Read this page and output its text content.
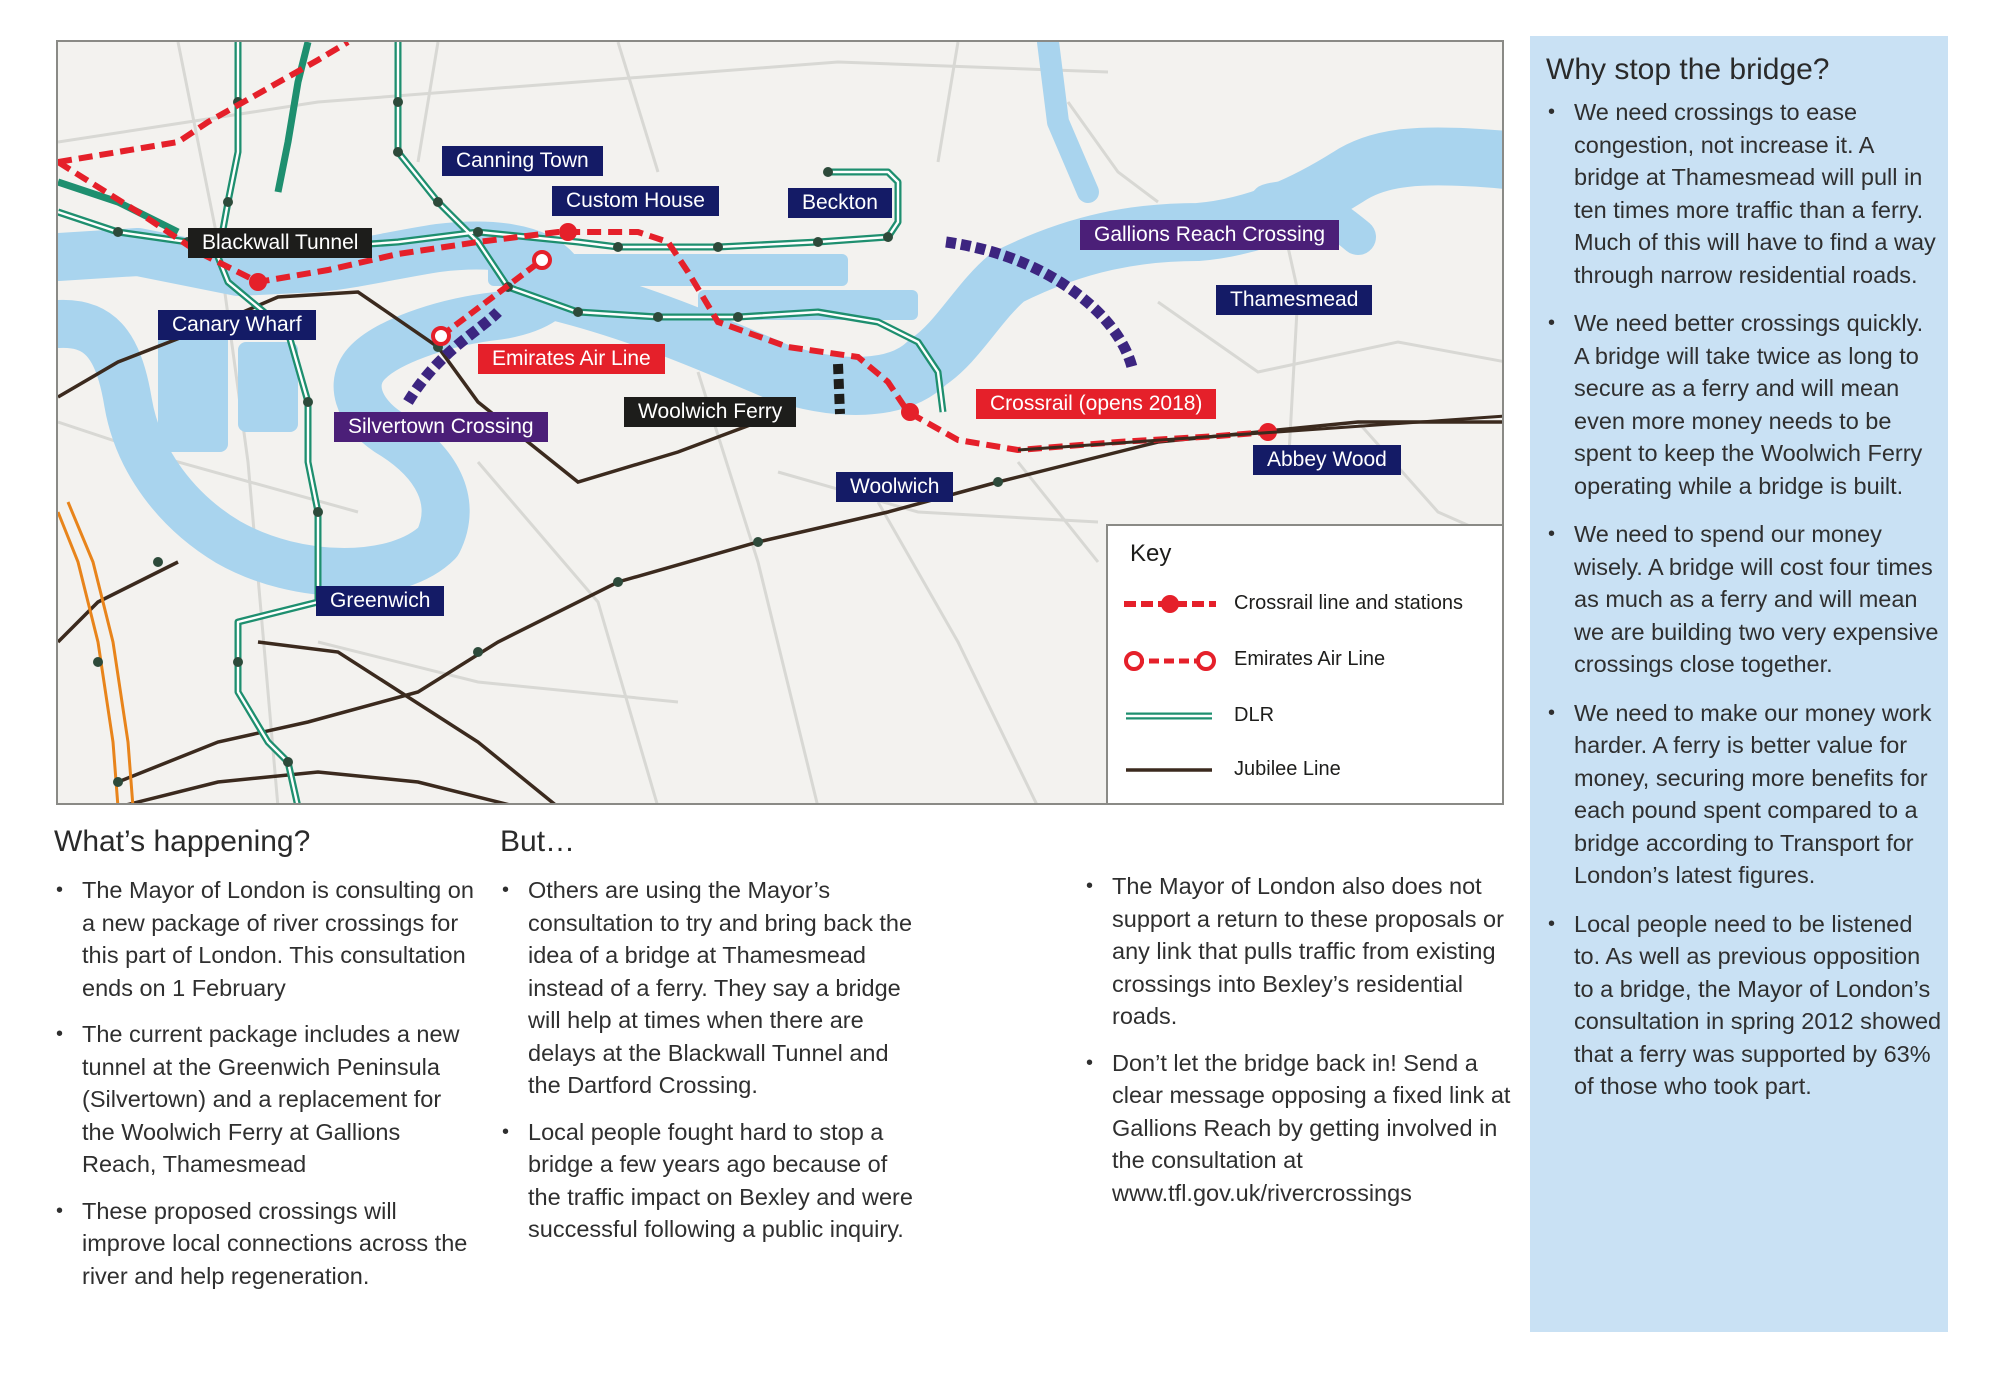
Canning Town
Custom House	Beckton
Gallions Reach Crossing
Blackwall Tunnel
Thamesmead
Canary Wharf
Emirates Air Line
Crossrail (opens 2018)
Silvertown Crossing
Woolwich Ferry
Abbey Wood
Woolwich
Greenwich
Key
Crossrail line and stations
Emirates Air Line
DLR
Jubilee Line
What’s happening?
• The Mayor of London is consulting on a new package of river crossings for this part of London. This consultation ends on 1 February
• The current package includes a new tunnel at the Greenwich Peninsula (Silvertown) and a replacement for the Woolwich Ferry at Gallions Reach, Thamesmead
• These proposed crossings will improve local connections across the river and help regeneration.
But…
• Others are using the Mayor’s consultation to try and bring back the idea of a bridge at Thamesmead instead of a ferry. They say a bridge will help at times when there are delays at the Blackwall Tunnel and the Dartford Crossing.
• Local people fought hard to stop a bridge a few years ago because of the traffic impact on Bexley and were successful following a public inquiry.
• The Mayor of London also does not support a return to these proposals or any link that pulls traffic from existing crossings into Bexley’s residential roads.
• Don’t let the bridge back in! Send a clear message opposing a fixed link at Gallions Reach by getting involved in the consultation at www.tfl.gov.uk/rivercrossings
Why stop the bridge?
• We need crossings to ease congestion, not increase it. A bridge at Thamesmead will pull in ten times more traffic than a ferry. Much of this will have to find a way through narrow residential roads.
• We need better crossings quickly. A bridge will take twice as long to secure as a ferry and will mean even more money needs to be spent to keep the Woolwich Ferry operating while a bridge is built.
• We need to spend our money wisely. A bridge will cost four times as much as a ferry and will mean we are building two very expensive crossings close together.
• We need to make our money work harder. A ferry is better value for money, securing more benefits for each pound spent compared to a bridge according to Transport for London’s latest figures.
• Local people need to be listened to. As well as previous opposition to a bridge, the Mayor of London’s consultation in spring 2012 showed that a ferry was supported by 63% of those who took part.
